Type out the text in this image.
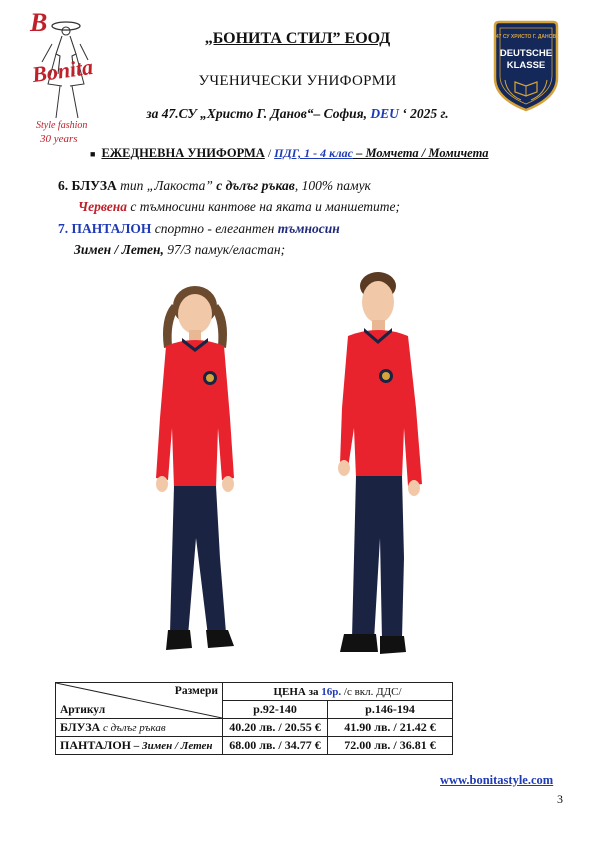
B
Bonita
Style fashion
30 years
47 СУ ХРИСТО Г. ДАНОВ
DEUTSCHE
KLASSE
„БОНИТА СТИЛ” ЕООД
УЧЕНИЧЕСКИ УНИФОРМИ
за 47.СУ „Христо Г. Данов“– София, DEU ‘ 2025 г.
■ ЕЖЕДНЕВНА УНИФОРМА / ПДГ, 1 - 4 клас – Момчета / Момичета
6. БЛУЗА тип „Лакоста” с дълъг ръкав, 100% памук
Червена с тъмносини кантове на яката и маншетите;
7. ПАНТАЛОН спортно - елегантен тъмносин
Зимен / Летен, 97/3 памук/еластан;
Размери
Артикул	ЦЕНА за 16р. /с вкл. ДДС/	
	р.92-140	р.146-194
БЛУЗА с дълъг ръкав	40.20 лв. / 20.55 €	41.90 лв. / 21.42 €
ПАНТАЛОН – Зимен / Летен	68.00 лв. / 34.77 €	72.00 лв. / 36.81 €
www.bonitastyle.com
3
